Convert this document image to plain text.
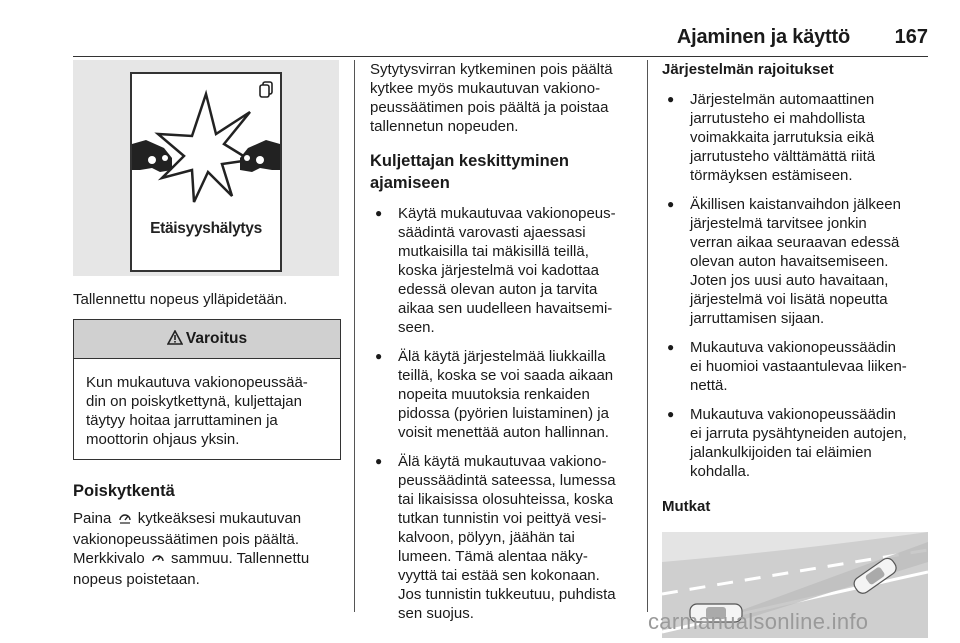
Ajaminen ja käyttö	167
Etäisyyshälytys

Tallennettu nopeus ylläpidetään.

Varoitus

Kun mukautuva vakionopeussää-

din on poiskytkettynä, kuljettajan

täytyy hoitaa jarruttaminen ja

moottorin ohjaus yksin.

Poiskytkentä

Paina kytkeäksesi mukautuvan

vakionopeussäätimen pois päältä.

Merkkivalo sammuu. Tallennettu

nopeus poistetaan.

Sytytysvirran kytkeminen pois päältä

kytkee myös mukautuvan vakiono-

peussäätimen pois päältä ja poistaa

tallennetun nopeuden.

Kuljettajan keskittyminen
ajamiseen

● Käytä mukautuvaa vakionopeus-

säädintä varovasti ajaessasi

mutkaisilla tai mäkisillä teillä,

koska järjestelmä voi kadottaa

edessä olevan auton ja tarvita

aikaa sen uudelleen havaitsemi-

seen.

● Älä käytä järjestelmää liukkailla

teillä, koska se voi saada aikaan

nopeita muutoksia renkaiden

pidossa (pyörien luistaminen) ja

voisit menettää auton hallinnan.

● Älä käytä mukautuvaa vakiono-

peussäädintä sateessa, lumessa

tai likaisissa olosuhteissa, koska

tutkan tunnistin voi peittyä vesi-

kalvoon, pölyyn, jäähän tai

lumeen. Tämä alentaa näky-

vyyttä tai estää sen kokonaan.

Jos tunnistin tukkeutuu, puhdista

sen suojus.

Järjestelmän rajoitukset

● Järjestelmän automaattinen

jarrutusteho ei mahdollista

voimakkaita jarrutuksia eikä

jarrutusteho välttämättä riitä

törmäyksen estämiseen.

● Äkillisen kaistanvaihdon jälkeen

järjestelmä tarvitsee jonkin

verran aikaa seuraavan edessä

olevan auton havaitsemiseen.

Joten jos uusi auto havaitaan,

järjestelmä voi lisätä nopeutta

jarruttamisen sijaan.

● Mukautuva vakionopeussäädin

ei huomioi vastaantulevaa liiken-

nettä.

● Mukautuva vakionopeussäädin

ei jarruta pysähtyneiden autojen,

jalankulkijoiden tai eläimien

kohdalla.

Mutkat
carmanualsonline.info
